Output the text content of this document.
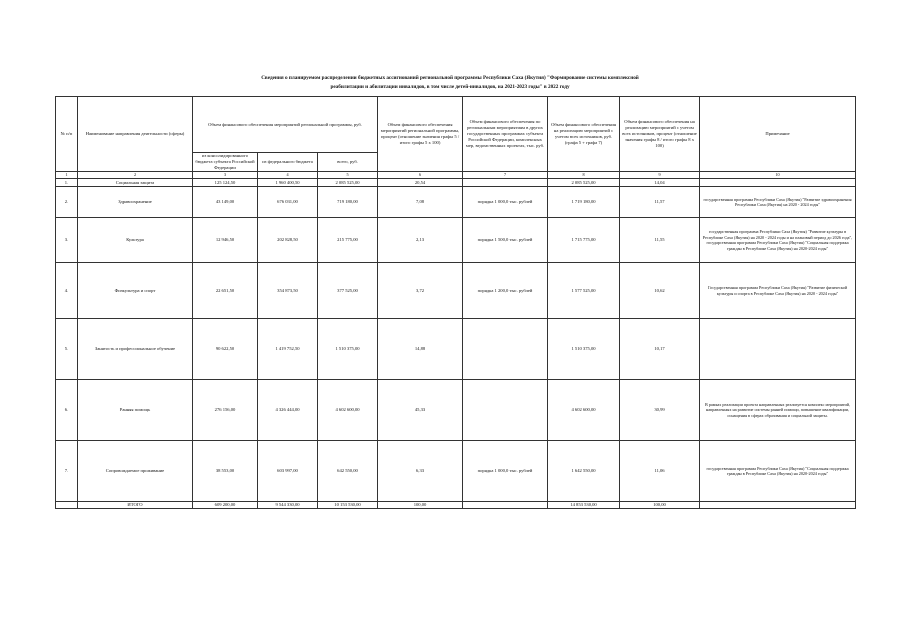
Сведения о планируемом распределении бюджетных ассигнований региональной программы Республики Саха (Якутия) "Формирование системы комплексной
реабилитации и абилитации инвалидов, в том числе детей-инвалидов, на 2021-2023 годы" в 2022 году
№ п/п	Наименование направления деятельности (сферы)	Объем финансового обеспечения мероприятий региональной программы, руб.			Объем финансового обеспечения мероприятий региональной программы, процент (отношение значения графы 5 / итого графы 5 x 100)	Объем финансового обеспечения по региональным мероприятиям в других государственных программах субъекта Российской Федерации, комплексных мер, ведомственных проектах, тыс. руб.	Объем финансового обеспечения на реализацию мероприятий с учетом всех источников, руб. (графа 5 + графа 7)	Объем финансового обеспечения на реализацию мероприятий с учетом всех источников, процент (отношение значения графы 8 / итого графы 8 x 100)	Примечание
		из консолидированного бюджета субъекта Российской Федерации	из федерального бюджета	всего, руб.					
1	2	3	4	5	6	7	8	9	10
1.	Социальная защита	125 124,50	1 960 400,50	2 085 525,00	20,54		2 085 525,00	14,04	
2.	Здравоохранение	43 149,00	676 031,00	719 180,00	7,08	порядка 1 000,0 тыс. рублей	1 719 180,00	11,57	государственная программа Республики Саха (Якутия) "Развитие здравоохранения Республики Саха (Якутия) на 2020 - 2024 годы"
3.	Культура	12 946,50	202 828,50	215 775,00	2,13	порядка 1 500,0 тыс. рублей	1 715 775,00	11,55	государственная программа Республики Саха (Якутия) "Развитие культуры в Республике Саха (Якутия) на 2020 - 2024 годы и на плановый период до 2026 года", государственная программа Республики Саха (Якутия) "Социальная поддержка граждан в Республике Саха (Якутия) на 2020-2024 годы"
4.	Физкультура и спорт	22 651,50	354 873,50	377 525,00	3,72	порядка 1 200,0 тыс. рублей	1 577 525,00	10,62	Государственная программа Республики Саха (Якутия) "Развитие физической культуры и спорта в Республике Саха (Якутия) на 2020 - 2024 годы"
5.	Занятость и профессиональное обучение	90 622,50	1 419 752,50	1 510 375,00	14,88		1 510 375,00	10,17	
6.	Ранняя помощь	276 156,00	4 326 444,00	4 602 600,00	45,33		4 602 600,00	30,99	В рамках реализации проекта направленных реализуется комплекс мероприятий, направленных на развитие системы ранней помощи, повышение квалификации, оснащения в сферах образования и социальной защиты.
7.	Сопровождаемое проживание	38 553,00	603 997,00	642 550,00	6,33	порядка 1 000,0 тыс. рублей	1 642 550,00	11,06	государственная программа Республики Саха (Якутия) "Социальная поддержка граждан в Республике Саха (Якутия) на 2020-2024 годы"
	ИТОГО	609 200,00	9 544 330,00	10 153 530,00	100,00		14 853 530,00	100,00	
